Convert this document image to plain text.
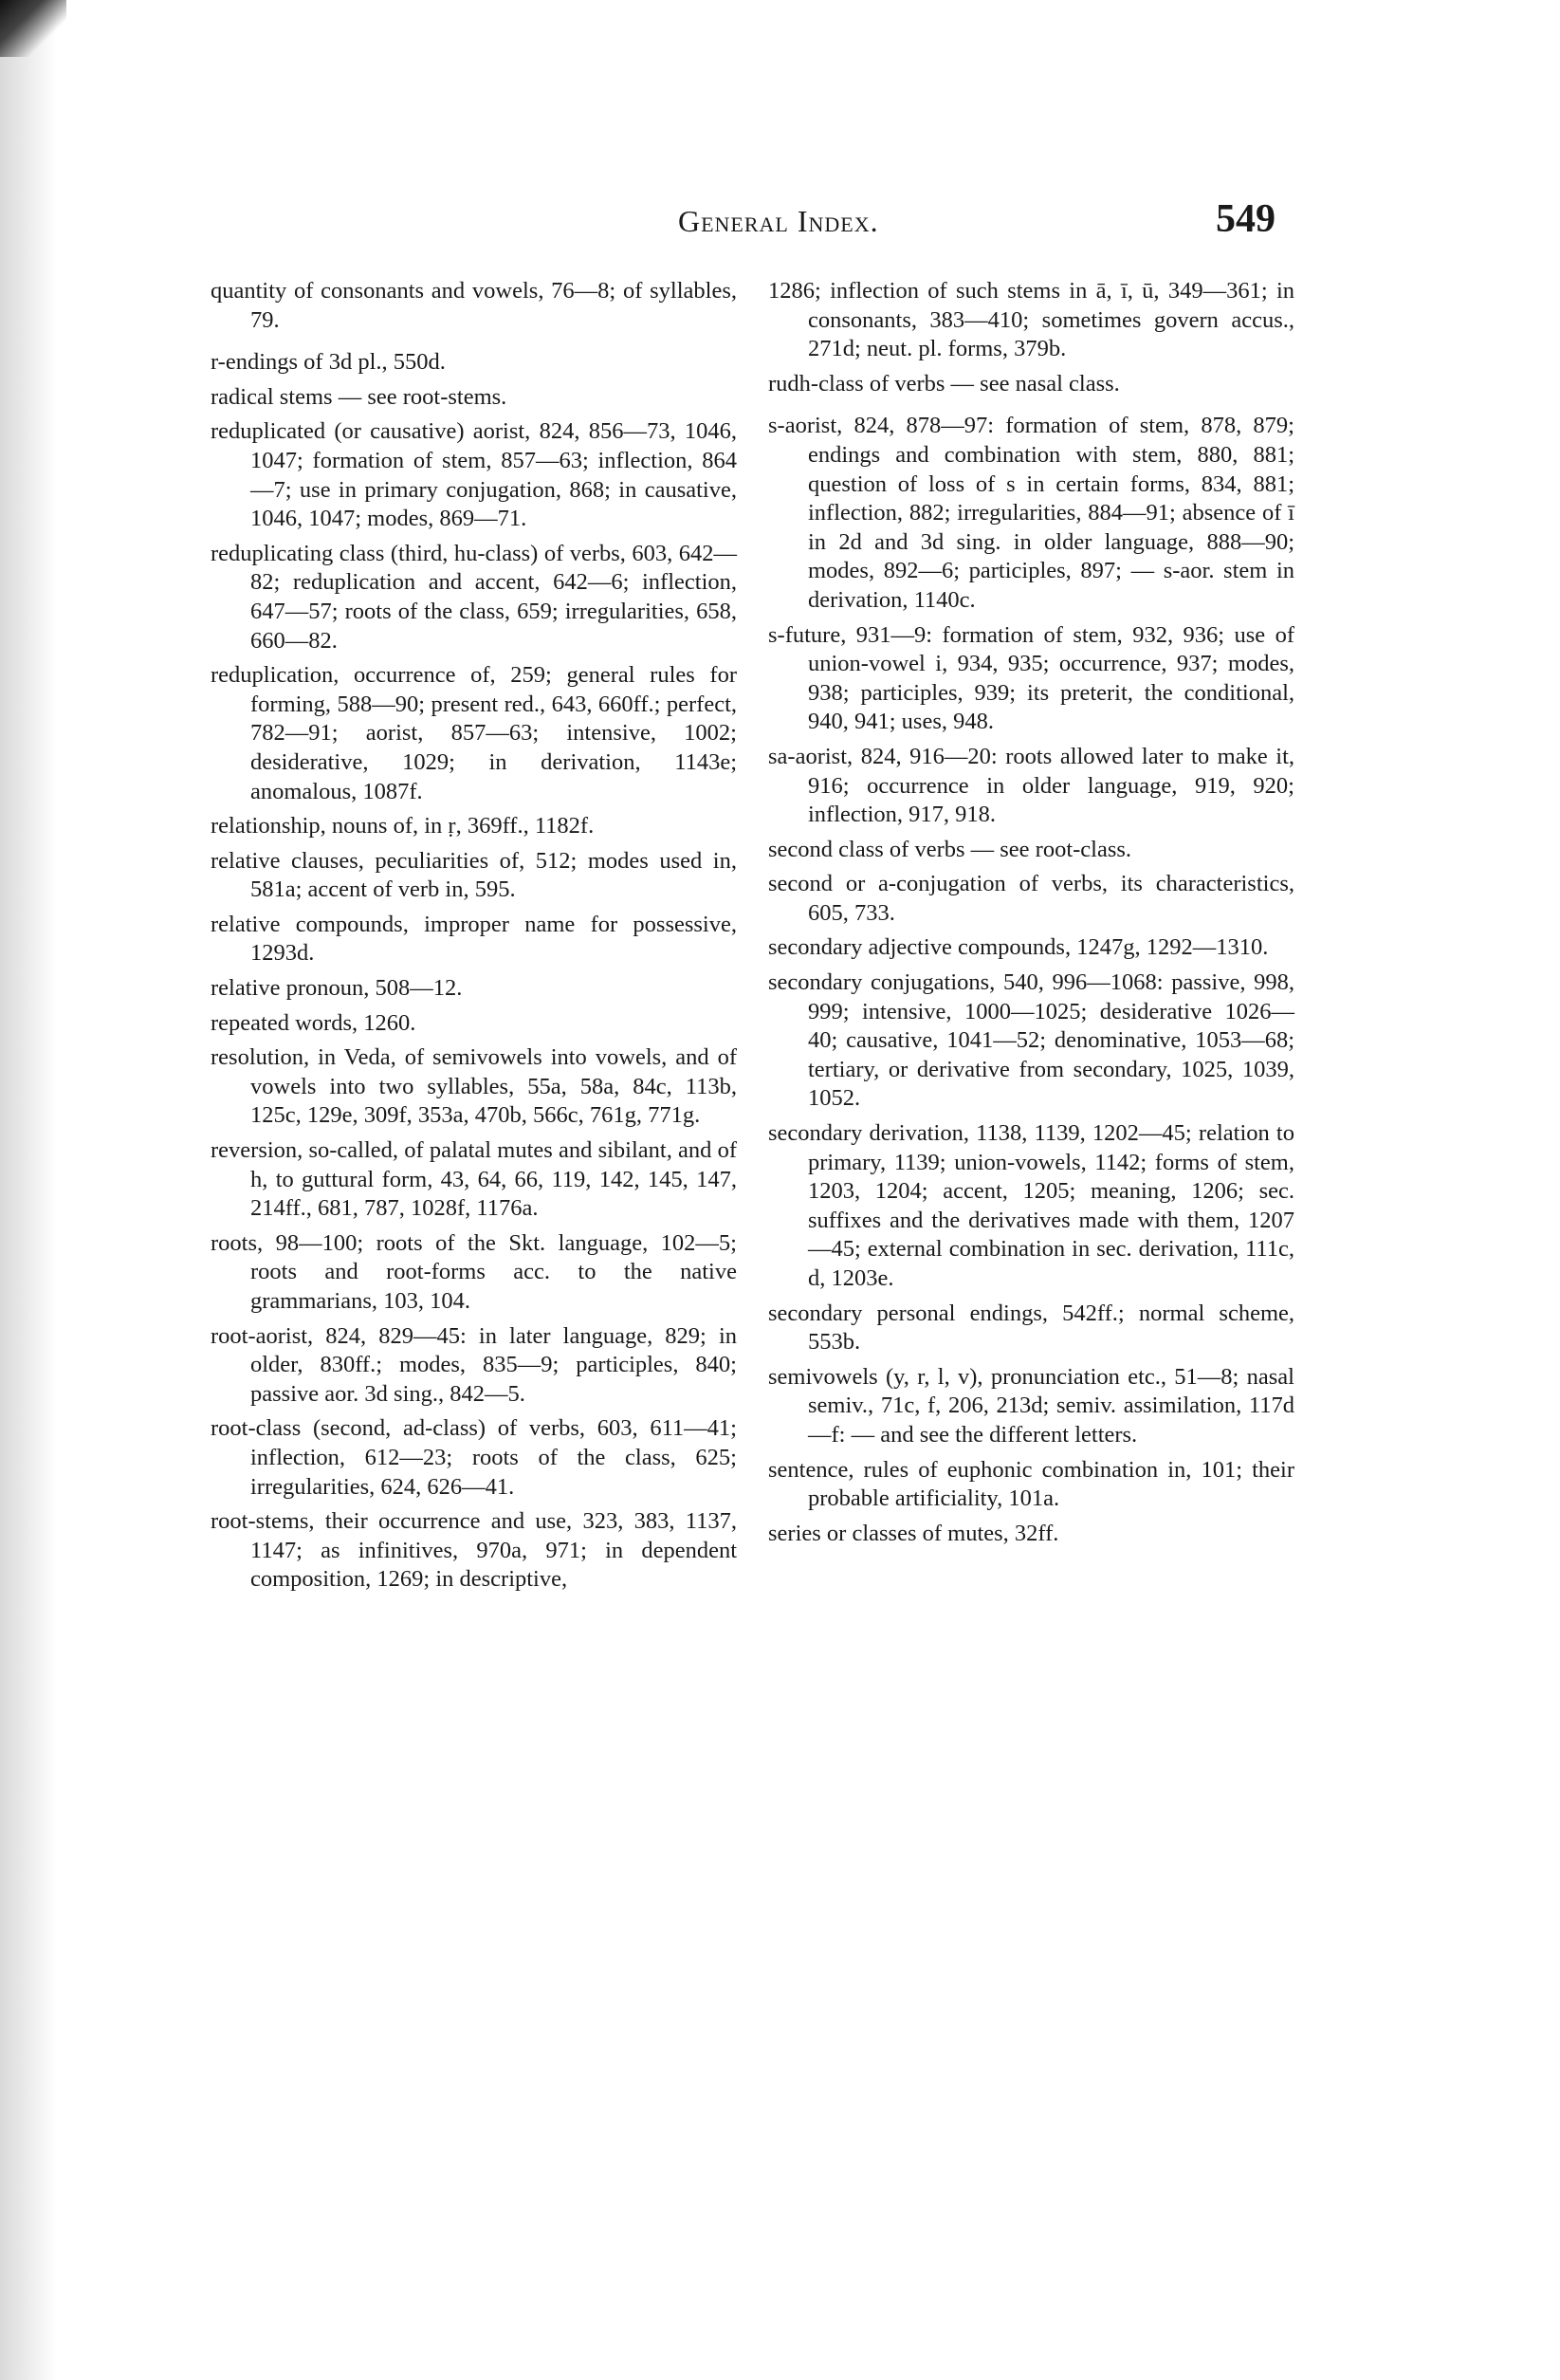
General Index.	549

quantity of consonants and vowels, 76—8; of syllables, 79.

r-endings of 3d pl., 550d.

radical stems — see root-stems.

reduplicated (or causative) aorist, 824, 856—73, 1046, 1047; formation of stem, 857—63; inflection, 864—7; use in primary conjugation, 868; in causative, 1046, 1047; modes, 869—71.

reduplicating class (third, hu-class) of verbs, 603, 642—82; reduplication and accent, 642—6; inflection, 647—57; roots of the class, 659; irregularities, 658, 660—82.

reduplication, occurrence of, 259; general rules for forming, 588—90; present red., 643, 660ff.; perfect, 782—91; aorist, 857—63; intensive, 1002; desiderative, 1029; in derivation, 1143e; anomalous, 1087f.

relationship, nouns of, in ṛ, 369ff., 1182f.

relative clauses, peculiarities of, 512; modes used in, 581a; accent of verb in, 595.

relative compounds, improper name for possessive, 1293d.

relative pronoun, 508—12.

repeated words, 1260.

resolution, in Veda, of semivowels into vowels, and of vowels into two syllables, 55a, 58a, 84c, 113b, 125c, 129e, 309f, 353a, 470b, 566c, 761g, 771g.

reversion, so-called, of palatal mutes and sibilant, and of h, to guttural form, 43, 64, 66, 119, 142, 145, 147, 214ff., 681, 787, 1028f, 1176a.

roots, 98—100; roots of the Skt. language, 102—5; roots and root-forms acc. to the native grammarians, 103, 104.

root-aorist, 824, 829—45: in later language, 829; in older, 830ff.; modes, 835—9; participles, 840; passive aor. 3d sing., 842—5.

root-class (second, ad-class) of verbs, 603, 611—41; inflection, 612—23; roots of the class, 625; irregularities, 624, 626—41.

root-stems, their occurrence and use, 323, 383, 1137, 1147; as infinitives, 970a, 971; in dependent composition, 1269; in descriptive,

1286; inflection of such stems in ā, ī, ū, 349—361; in consonants, 383—410; sometimes govern accus., 271d; neut. pl. forms, 379b.

rudh-class of verbs — see nasal class.

s-aorist, 824, 878—97: formation of stem, 878, 879; endings and combination with stem, 880, 881; question of loss of s in certain forms, 834, 881; inflection, 882; irregularities, 884—91; absence of ī in 2d and 3d sing. in older language, 888—90; modes, 892—6; participles, 897; — s-aor. stem in derivation, 1140c.

s-future, 931—9: formation of stem, 932, 936; use of union-vowel i, 934, 935; occurrence, 937; modes, 938; participles, 939; its preterit, the conditional, 940, 941; uses, 948.

sa-aorist, 824, 916—20: roots allowed later to make it, 916; occurrence in older language, 919, 920; inflection, 917, 918.

second class of verbs — see root-class.

second or a-conjugation of verbs, its characteristics, 605, 733.

secondary adjective compounds, 1247g, 1292—1310.

secondary conjugations, 540, 996—1068: passive, 998, 999; intensive, 1000—1025; desiderative 1026—40; causative, 1041—52; denominative, 1053—68; tertiary, or derivative from secondary, 1025, 1039, 1052.

secondary derivation, 1138, 1139, 1202—45; relation to primary, 1139; union-vowels, 1142; forms of stem, 1203, 1204; accent, 1205; meaning, 1206; sec. suffixes and the derivatives made with them, 1207—45; external combination in sec. derivation, 111c, d, 1203e.

secondary personal endings, 542ff.; normal scheme, 553b.

semivowels (y, r, l, v), pronunciation etc., 51—8; nasal semiv., 71c, f, 206, 213d; semiv. assimilation, 117d—f: — and see the different letters.

sentence, rules of euphonic combination in, 101; their probable artificiality, 101a.

series or classes of mutes, 32ff.
